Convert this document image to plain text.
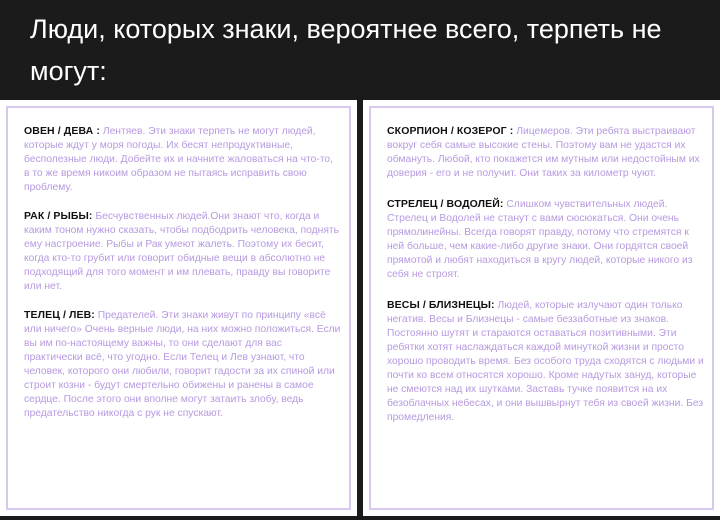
Люди, которых знаки, вероятнее всего, терпеть не могут:
ОВЕН / ДЕВА : Лентяев. Эти знаки терпеть не могут людей, которые ждут у моря погоды. Их бесят непродуктивные, бесполезные люди. Добейте их и начните жаловаться на что-то, в то же время никоим образом не пытаясь исправить свою проблему.
РАК / РЫБЫ: Бесчувственных людей.Они знают что, когда и каким тоном нужно сказать, чтобы подбодрить человека, поднять ему настроение. Рыбы и Рак умеют жалеть. Поэтому их бесит, когда кто-то грубит или говорит обидные вещи в абсолютно не подходящий для того момент и им плевать, правду вы говорите или нет.
ТЕЛЕЦ / ЛЕВ: Предателей. Эти знаки живут по принципу «всё или ничего» Очень верные люди, на них можно положиться. Если вы им по-настоящему важны, то они сделают для вас практически всё, что угодно. Если Телец и Лев узнают, что человек, которого они любили, говорит гадости за их спиной или строит козни - будут смертельно обижены и ранены в самое сердце. После этого они вполне могут затаить злобу, ведь предательство никогда с рук не спускают.
СКОРПИОН / КОЗЕРОГ : Лицемеров. Эти ребята выстраивают вокруг себя самые высокие стены. Поэтому вам не удастся их обмануть. Любой, кто покажется им мутным или недостойным их доверия - его и не получит. Они таких за километр чуют.
СТРЕЛЕЦ / ВОДОЛЕЙ: Слишком чувствительных людей. Стрелец и Водолей не станут с вами сюсюкаться. Они очень прямолинейны. Всегда говорят правду, потому что стремятся к ней больше, чем какие-либо другие знаки. Они гордятся своей прямотой и любят находиться в кругу людей, которые никого из себя не строят.
ВЕСЫ / БЛИЗНЕЦЫ: Людей, которые излучают один только негатив. Весы и Близнецы - самые беззаботные из знаков. Постоянно шутят и стараются оставаться позитивными. Эти ребятки хотят наслаждаться каждой минуткой жизни и просто хорошо проводить время. Без особого труда сходятся с людьми и почти ко всем относятся хорошо. Кроме надутых зануд, которые не смеются над их шутками. Заставь тучке появится на их безоблачных небесах, и они вышвырнут тебя из своей жизни. Без промедления.
